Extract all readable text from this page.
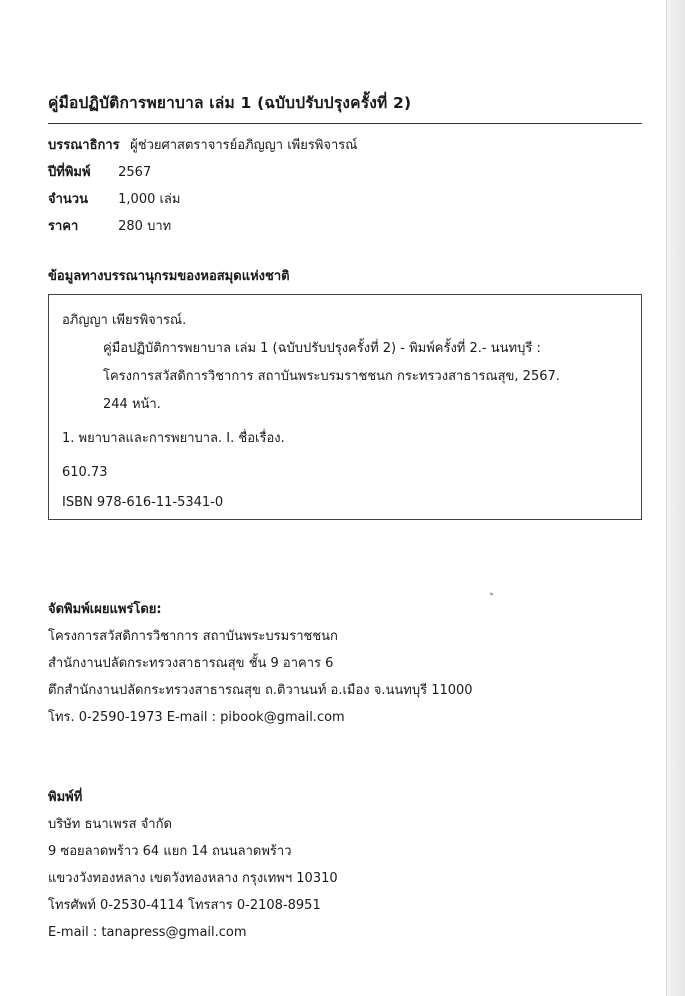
คู่มือปฏิบัติการพยาบาล เล่ม 1 (ฉบับปรับปรุงครั้งที่ 2)
บรรณาธิการ ผู้ช่วยศาสตราจารย์อภิญญา เพียรพิจารณ์
ปีที่พิมพ์ 2567
จำนวน 1,000 เล่ม
ราคา	280 บาท
ข้อมูลทางบรรณานุกรมของหอสมุดแห่งชาติ
อภิญญา เพียรพิจารณ์.
คู่มือปฏิบัติการพยาบาล เล่ม 1 (ฉบับปรับปรุงครั้งที่ 2) - พิมพ์ครั้งที่ 2.- นนทบุรี :
โครงการสวัสดิการวิชาการ สถาบันพระบรมราชชนก กระทรวงสาธารณสุข, 2567.
244 หน้า.
1. พยาบาลและการพยาบาล. I. ชื่อเรื่อง.
610.73
ISBN 978-616-11-5341-0
จัดพิมพ์เผยแพร่โดย:
โครงการสวัสดิการวิชาการ สถาบันพระบรมราชชนก
สำนักงานปลัดกระทรวงสาธารณสุข ชั้น 9 อาคาร 6
ตึกสำนักงานปลัดกระทรวงสาธารณสุข ถ.ติวานนท์ อ.เมือง จ.นนทบุรี 11000
โทร. 0-2590-1973 E-mail : pibook@gmail.com
พิมพ์ที่
บริษัท ธนาเพรส จำกัด
9 ซอยลาดพร้าว 64 แยก 14 ถนนลาดพร้าว
แขวงวังทองหลาง เขตวังทองหลาง กรุงเทพฯ 10310
โทรศัพท์ 0-2530-4114 โทรสาร 0-2108-8951
E-mail : tanapress@gmail.com
